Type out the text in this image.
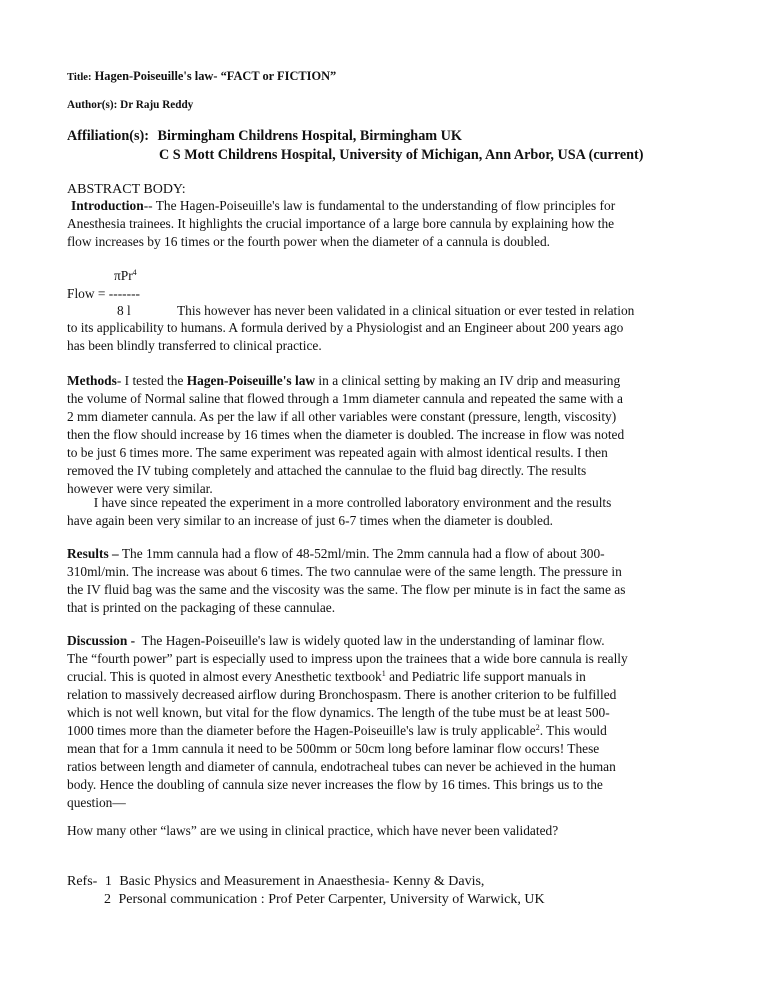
Title: Hagen-Poiseuille's law- “FACT or FICTION”
Author(s): Dr Raju Reddy
Affiliation(s): Birmingham Childrens Hospital, Birmingham UK
C S Mott Childrens Hospital, University of Michigan, Ann Arbor, USA (current)
ABSTRACT BODY:
Introduction-- The Hagen-Poiseuille's law is fundamental to the understanding of flow principles for
Anesthesia trainees. It highlights the crucial importance of a large bore cannula by explaining how the
flow increases by 16 times or the fourth power when the diameter of a cannula is doubled.
πPr$^4$
Flow = -------
8 l	This however has never been validated in a clinical situation or ever tested in relation
to its applicability to humans. A formula derived by a Physiologist and an Engineer about 200 years ago
has been blindly transferred to clinical practice.
Methods- I tested the Hagen-Poiseuille's law in a clinical setting by making an IV drip and measuring
the volume of Normal saline that flowed through a 1mm diameter cannula and repeated the same with a
2 mm diameter cannula. As per the law if all other variables were constant (pressure, length, viscosity)
then the flow should increase by 16 times when the diameter is doubled. The increase in flow was noted
to be just 6 times more. The same experiment was repeated again with almost identical results. I then
removed the IV tubing completely and attached the cannulae to the fluid bag directly. The results
however were very similar.
I have since repeated the experiment in a more controlled laboratory environment and the results
have again been very similar to an increase of just 6-7 times when the diameter is doubled.
Results – The 1mm cannula had a flow of 48-52ml/min. The 2mm cannula had a flow of about 300-
310ml/min. The increase was about 6 times. The two cannulae were of the same length. The pressure in
the IV fluid bag was the same and the viscosity was the same. The flow per minute is in fact the same as
that is printed on the packaging of these cannulae.
Discussion -  The Hagen-Poiseuille's law is widely quoted law in the understanding of laminar flow.
The “fourth power” part is especially used to impress upon the trainees that a wide bore cannula is really
crucial. This is quoted in almost every Anesthetic textbook$^1$ and Pediatric life support manuals in
relation to massively decreased airflow during Bronchospasm. There is another criterion to be fulfilled
which is not well known, but vital for the flow dynamics. The length of the tube must be at least 500-
1000 times more than the diameter before the Hagen-Poiseuille's law is truly applicable$^2$. This would
mean that for a 1mm cannula it need to be 500mm or 50cm long before laminar flow occurs! These
ratios between length and diameter of cannula, endotracheal tubes can never be achieved in the human
body. Hence the doubling of cannula size never increases the flow by 16 times. This brings us to the
question—
How many other “laws” are we using in clinical practice, which have never been validated?
Refs- 1 Basic Physics and Measurement in Anaesthesia- Kenny & Davis,
2 Personal communication : Prof Peter Carpenter, University of Warwick, UK
